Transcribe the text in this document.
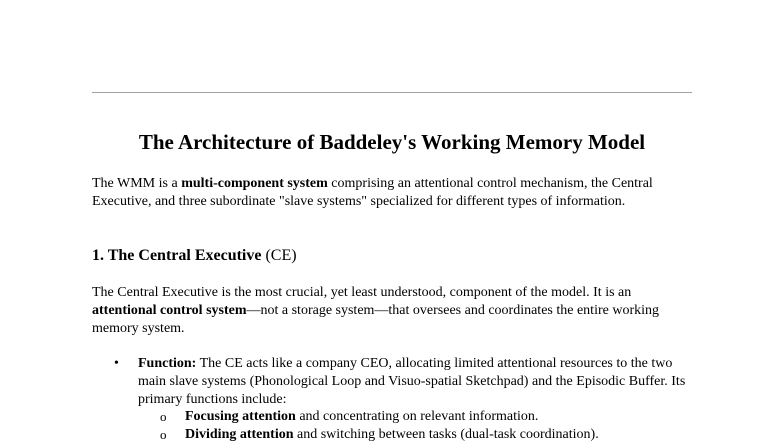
The Architecture of Baddeley's Working Memory Model
The WMM is a multi-component system comprising an attentional control mechanism, the Central Executive, and three subordinate "slave systems" specialized for different types of information.
1. The Central Executive (CE)
The Central Executive is the most crucial, yet least understood, component of the model. It is an attentional control system—not a storage system—that oversees and coordinates the entire working memory system.
• Function: The CE acts like a company CEO, allocating limited attentional resources to the two main slave systems (Phonological Loop and Visuo-spatial Sketchpad) and the Episodic Buffer. Its primary functions include:
o Focusing attention and concentrating on relevant information.
o Dividing attention and switching between tasks (dual-task coordination).
